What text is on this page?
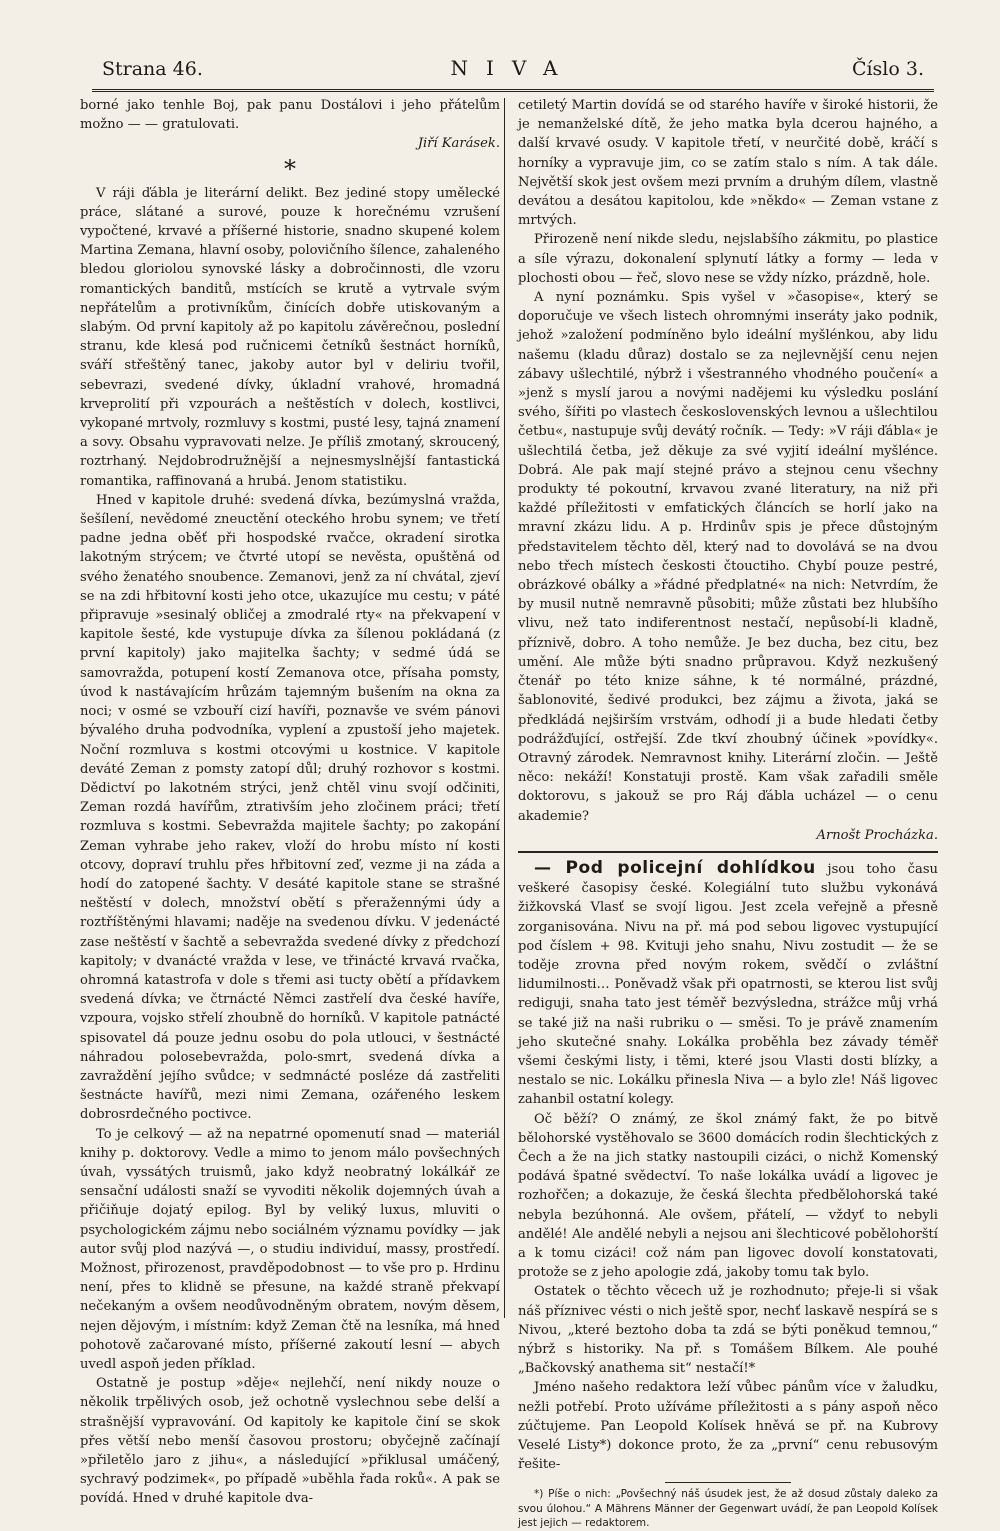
Strana 46.	NIVA	Číslo 3.

borné jako tenhle Boj, pak panu Dostálovi i jeho přátelům možno — — gratulovati.

Jiří Karásek.
*

V ráji ďábla je literární delikt. Bez jediné stopy umělecké práce, slátané a surové, pouze k horečnému vzrušení vypočtené, krvavé a příšerné historie, snadno skupené kolem Martina Zemana, hlavní osoby, polovičního šílence, zahaleného bledou gloriolou synovské lásky a dobročinnosti, dle vzoru romantických banditů, mstících se krutě a vytrvale svým nepřátelům a protivníkům, činících dobře utiskovaným a slabým. Od první kapitoly až po kapitolu závěrečnou, poslední stranu, kde klesá pod ručnicemi četníků šestnáct horníků, sváří střeštěný tanec, jakoby autor byl v deliriu tvořil, sebevrazi, svedené dívky, úkladní vrahové, hromadná krveprolití při vzpourách a neštěstích v dolech, kostlivci, vykopané mrtvoly, rozmluvy s kostmi, pusté lesy, tajná znamení a sovy. Obsahu vypravovati nelze. Je příliš zmotaný, skroucený, roztrhaný. Nejdobrodružnější a nejnesmyslnější fantastická romantika, raffinovaná a hrubá. Jenom statistiku.

Hned v kapitole druhé: svedená dívka, bezúmyslná vražda, šešílení, nevědomé zneuctění oteckého hrobu synem; ve třetí padne jedna oběť při hospodské rvačce, okradení sirotka lakotným strýcem; ve čtvrté utopí se nevěsta, opuštěná od svého ženatého snoubence. Zemanovi, jenž za ní chvátal, zjeví se na zdi hřbitovní kosti jeho otce, ukazujíce mu cestu; v páté připravuje »sesinalý obličej a zmodralé rty« na překvapení v kapitole šesté, kde vystupuje dívka za šílenou pokládaná (z první kapitoly) jako majitelka šachty; v sedmé údá se samovražda, potupení kostí Zemanova otce, přísaha pomsty, úvod k nastávajícím hrůzám tajemným bušením na okna za noci; v osmé se vzbouří cizí havíři, poznavše ve svém pánovi bývalého druha podvodníka, vyplení a zpustoší jeho majetek. Noční rozmluva s kostmi otcovými u kostnice. V kapitole deváté Zeman z pomsty zatopí důl; druhý rozhovor s kostmi. Dědictví po lakotném strýci, jenž chtěl vinu svojí odčiniti, Zeman rozdá havířům, ztrativším jeho zločinem práci; třetí rozmluva s kostmi. Sebevražda majitele šachty; po zakopání Zeman vyhrabe jeho rakev, vloží do hrobu místo ní kosti otcovy, dopraví truhlu přes hřbitovní zeď, vezme ji na záda a hodí do zatopené šachty. V desáté kapitole stane se strašné neštěstí v dolech, množství obětí s přeražennými údy a roztříštěnými hlavami; naděje na svedenou dívku. V jedenácté zase neštěstí v šachtě a sebevražda svedené dívky z předchozí kapitoly; v dvanácté vražda v lese, ve třinácté krvavá rvačka, ohromná katastrofa v dole s třemi asi tucty obětí a přídavkem svedená dívka; ve čtrnácté Němci zastřelí dva české havíře, vzpoura, vojsko střelí zhoubně do horníků. V kapitole patnácté spisovatel dá pouze jednu osobu do pola utlouci, v šestnácté náhradou polosebevražda, polo-smrt, svedená dívka a zavraždění jejího svůdce; v sedmnácté posléze dá zastřeliti šestnácte havířů, mezi nimi Zemana, ozářeného leskem dobrosrdečného poctivce.

To je celkový — až na nepatrné opomenutí snad — materiál knihy p. doktorovy. Vedle a mimo to jenom málo povšechných úvah, vyssátých truismů, jako když neobratný lokálkář ze sensační události snaží se vyvoditi několik dojemných úvah a přičiňuje dojatý epilog. Byl by veliký luxus, mluviti o psychologickém zájmu nebo sociálném významu povídky — jak autor svůj plod nazývá —, o studiu individuí, massy, prostředí. Možnost, přirozenost, pravděpodobnost — to vše pro p. Hrdinu není, přes to klidně se přesune, na každé straně překvapí nečekaným a ovšem neodůvodněným obratem, novým děsem, nejen dějovým, i místním: když Zeman čtě na lesníka, má hned pohotově začarované místo, příšerné zakoutí lesní — abych uvedl aspoň jeden příklad.

Ostatně je postup »děje« nejlehčí, není nikdy nouze o několik trpělivých osob, jež ochotně vyslechnou sebe delší a strašnější vypravování. Od kapitoly ke kapitole činí se skok přes větší nebo menší časovou prostoru; obyčejně začínají »přiletělo jaro z jihu«, a následující »přiklusal umáčený, sychravý podzimek«, po případě »uběhla řada roků«. A pak se povídá. Hned v druhé kapitole dva-

cetiletý Martin dovídá se od starého havíře v široké historii, že je nemanželské dítě, že jeho matka byla dcerou hajného, a další krvavé osudy. V kapitole třetí, v neurčité době, kráčí s horníky a vypravuje jim, co se zatím stalo s ním. A tak dále. Největší skok jest ovšem mezi prvním a druhým dílem, vlastně devátou a desátou kapitolou, kde »někdo« — Zeman vstane z mrtvých.

Přirozeně není nikde sledu, nejslabšího zákmitu, po plastice a síle výrazu, dokonalení splynutí látky a formy — leda v plochosti obou — řeč, slovo nese se vždy nízko, prázdně, hole.

A nyní poznámku. Spis vyšel v »časopise«, který se doporučuje ve všech listech ohromnými inseráty jako podnik, jehož »založení podmíněno bylo ideální myšlénkou, aby lidu našemu (kladu důraz) dostalo se za nejlevnější cenu nejen zábavy ušlechtilé, nýbrž i všestranného vhodného poučení« a »jenž s myslí jarou a novými nadějemi ku výsledku poslání svého, šířiti po vlastech československých levnou a ušlechtilou četbu«, nastupuje svůj devátý ročník. — Tedy: »V ráji ďábla« je ušlechtilá četba, jež děkuje za své vyjití ideální myšlénce. Dobrá. Ale pak mají stejné právo a stejnou cenu všechny produkty té pokoutní, krvavou zvané literatury, na niž při každé příležitosti v emfatických článcích se horlí jako na mravní zkázu lidu. A p. Hrdinův spis je přece důstojným představitelem těchto děl, který nad to dovolává se na dvou nebo třech místech českosti čtouctiho. Chybí pouze pestré, obrázkové obálky a »řádné předplatné« na nich: Netvrdím, že by musil nutně nemravně působiti; může zůstati bez hlubšího vlivu, než tato indiferentnost nestačí, nepůsobí-li kladně, příznivě, dobro. A toho nemůže. Je bez ducha, bez citu, bez umění. Ale může býti snadno průpravou. Když nezkušený čtenář po této knize sáhne, k té normálné, prázdné, šablonovité, šedivé produkci, bez zájmu a života, jaká se předkládá nejširším vrstvám, odhodí ji a bude hledati četby podrážďující, ostřejší. Zde tkví zhoubný účinek »povídky«. Otravný zárodek. Nemravnost knihy. Literární zločin. — Ještě něco: nekáží! Konstatuji prostě. Kam však zařadili směle doktorovu, s jakouž se pro Ráj ďábla ucházel — o cenu akademie?

Arnošt Procházka.

— Pod policejní dohlídkou jsou toho času veškeré časopisy české. Kolegiální tuto službu vykonává žižkovská Vlasť se svojí ligou. Jest zcela veřejně a přesně zorganisována. Nivu na př. má pod sebou ligovec vystupující pod číslem + 98. Kvituji jeho snahu, Nivu zostudit — že se toděje zrovna před novým rokem, svědčí o zvláštní lidumilnosti… Poněvadž však při opatrnosti, se kterou list svůj rediguji, snaha tato jest téměř bezvýsledna, strážce můj vrhá se také již na naši rubriku o — směsi. To je právě znamením jeho skutečné snahy. Lokálka proběhla bez závady téměř všemi českými listy, i těmi, které jsou Vlasti dosti blízky, a nestalo se nic. Lokálku přinesla Niva — a bylo zle! Náš ligovec zahanbil ostatní kolegy.

Oč běží? O známý, ze škol známý fakt, že po bitvě bělohorské vystěhovalo se 3600 domácích rodin šlechtických z Čech a že na jich statky nastoupili cizáci, o nichž Komenský podává špatné svědectví. To naše lokálka uvádí a ligovec je rozhořčen; a dokazuje, že česká šlechta předbělohorská také nebyla bezúhonná. Ale ovšem, přátelí, — vždyť to nebyli andělé! Ale andělé nebyli a nejsou ani šlechticové pobělohorští a k tomu cizáci! což nám pan ligovec dovolí konstatovati, protože se z jeho apologie zdá, jakoby tomu tak bylo.

Ostatek o těchto věcech už je rozhodnuto; přeje-li si však náš příznivec vésti o nich ještě spor, nechť laskavě nespírá se s Nivou, „které beztoho doba ta zdá se býti poněkud temnou,“ nýbrž s historiky. Na př. s Tomášem Bílkem. Ale pouhé „Bačkovský anathema sit“ nestačí!*

Jméno našeho redaktora leží vůbec pánům více v žaludku, nežli potřebí. Proto užíváme příležitosti a s pány aspoň něco zúčtujeme. Pan Leopold Kolísek hněvá se př. na Kubrovy Veselé Listy*) dokonce proto, že za „první“ cenu rebusovým řešite-

*) Píše o nich: „Povšechný náš úsudek jest, že až dosud zůstaly daleko za svou úlohou.“ A Mährens Männer der Gegenwart uvádí, že pan Leopold Kolísek jest jejich — redaktorem.
